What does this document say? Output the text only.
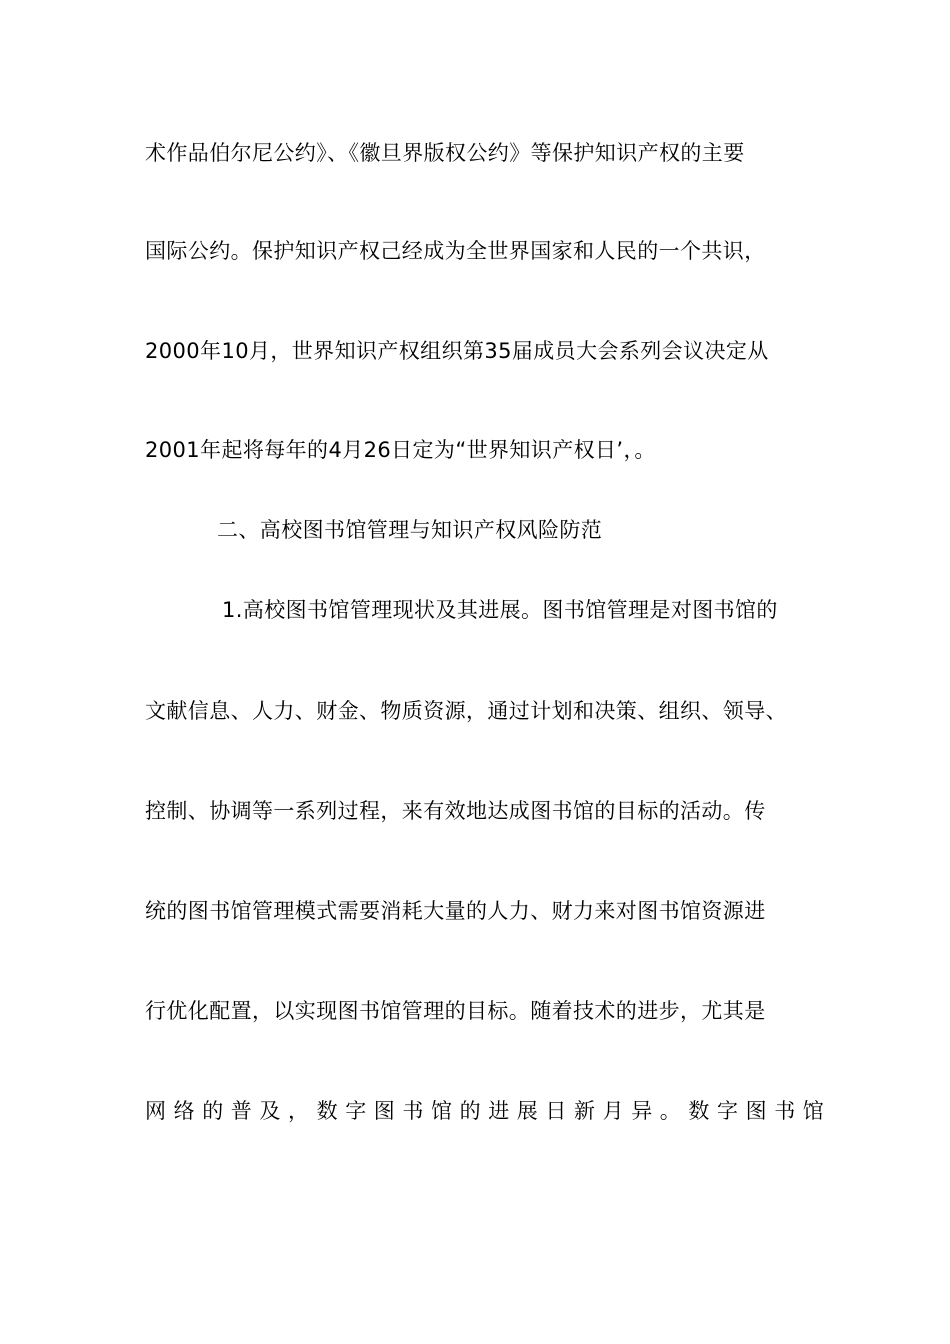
术作品伯尔尼公约》、《徽旦界版权公约》等保护知识产权的主要
国际公约。保护知识产权己经成为全世界国家和人民的一个共识，
2000年10月，世界知识产权组织第35届成员大会系列会议决定从
2001年起将每年的4月26日定为“世界知识产权日’，。
二、高校图书馆管理与知识产权风险防范
1.高校图书馆管理现状及其进展。图书馆管理是对图书馆的
文献信息、人力、财金、物质资源，通过计划和决策、组织、领导、
控制、协调等一系列过程，来有效地达成图书馆的目标的活动。传
统的图书馆管理模式需要消耗大量的人力、财力来对图书馆资源进
行优化配置，以实现图书馆管理的目标。随着技术的进步，尤其是
网络的普及，数字图书馆的进展日新月异。数字图书馆
